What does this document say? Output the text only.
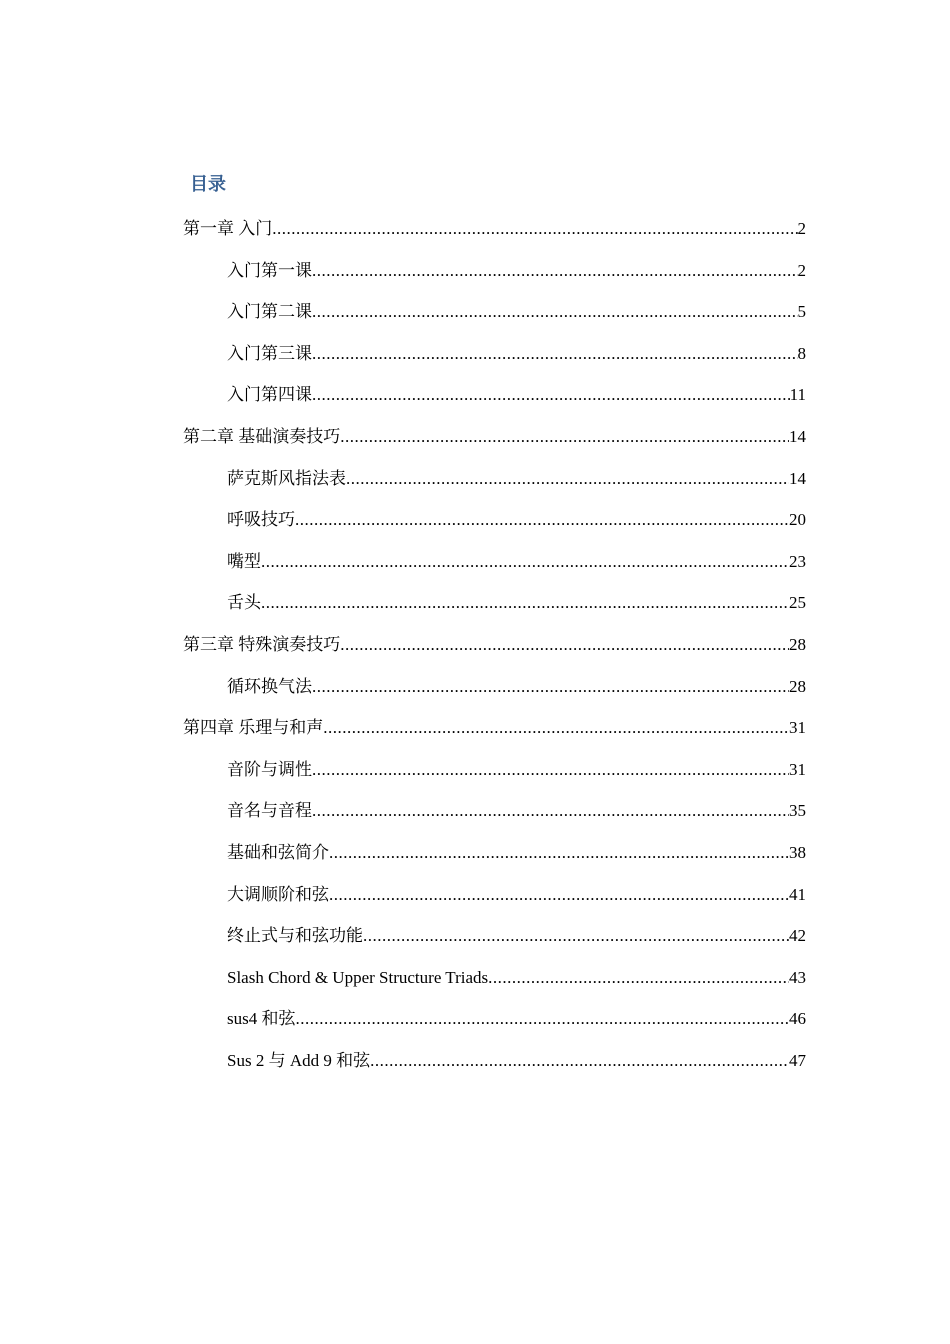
目录
第一章 入门 .....	2
入门第一课 .....	2
入门第二课 .....	5
入门第三课 .....	8
入门第四课 .....	11
第二章 基础演奏技巧 .....	14
萨克斯风指法表 .....	14
呼吸技巧 .....	20
嘴型 .....	23
舌头 .....	25
第三章 特殊演奏技巧 .....	28
循环换气法 .....	28
第四章 乐理与和声 .....	31
音阶与调性 .....	31
音名与音程 .....	35
基础和弦简介 .....	38
大调顺阶和弦 .....	41
终止式与和弦功能 .....	42
Slash Chord & Upper Structure Triads .....	43
sus4 和弦 .....	46
Sus 2 与 Add 9 和弦 .....	47
